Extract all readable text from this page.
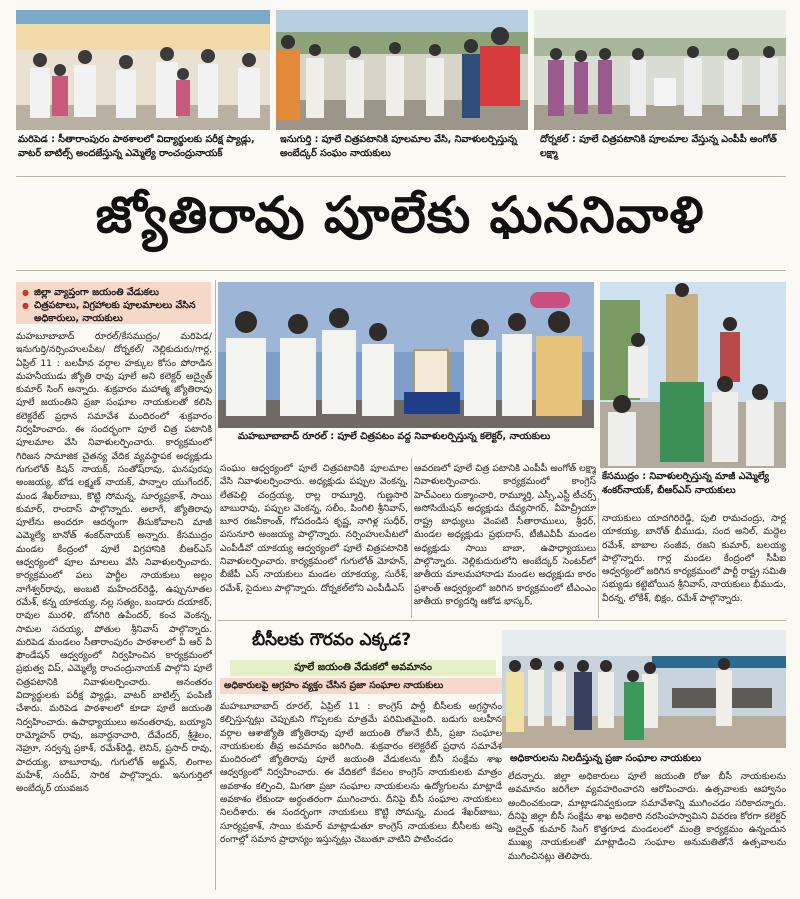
మరిపెడ : సీతారాంపురం పాఠశాలలో విద్యార్థులకు పరీక్ష ప్యాడ్లు, వాటర్ బాటిల్స్ అందజేస్తున్న ఎమ్మెల్యే రాంచంద్రునాయక్
ఇనుగుర్తి : పూలే చిత్రపటానికి పూలమాల వేసి, నివాళులర్పిస్తున్న అంబేద్కర్ సంఘం నాయకులు
దోర్నకల్ : పూలే చిత్రపటానికి పూలమాల వేస్తున్న ఎంపీపీ అంగోత్ లక్ష్మా
జ్యోతిరావు పూలేకు ఘననివాళి
● జిల్లా వ్యాప్తంగా జయంతి వేడుకలు
● చిత్రపటాలు, విగ్రహాలకు పూలమాలలు వేసిన అధికారులు, నాయకులు

మహబూబాబాద్ రూరల్/కేసముద్రం/ మరిపెడ/ ఇనుగుర్తి/నర్సింహులపేట/ దోర్నకల్/ నెల్లికుదురు/గార్ల, ఏప్రిల్ 11 : బలహీన వర్గాల హక్కుల కోసం పోరాడిన మహనీయుడు జ్యోతి రావు పూలే అని కలెక్టర్ అద్వైత్ కుమార్ సింగ్ అన్నారు. శుక్రవారం మహాత్మ జ్యోతిరావు పూలే జయంతిని ప్రజా సంఘాల నాయకులతో కలిసి కలెక్టరేట్ ప్రధాన సమావేశ మందిరంలో శుక్రవారం నిర్వహించారు. ఈ సందర్భంగా పూలే చిత్ర పటానికి పూలమాల వేసి నివాళులర్పించారు. కార్యక్రమంలో గిరిజన సామాజిక చైతన్య వేదిక వ్యవస్థాపక అధ్యక్షుడు గుగులోత్ కిషన్ నాయక్, సంతోష్‌రావు, ఘనపురపు అంజయ్య, బోడ లక్ష్మణ్ నాయక్, పాన్నాల యుగేందర్, మండ శేఖర్‌బాబు, కొట్టి సోమన్న, సూర్యప్రకాశ్, సాయి కుమార్, రాందాస్ పాల్గొన్నారు. అలాగే, జ్యోతిరావు పూలేను అందరూ ఆదర్శంగా తీసుకోవాలని మాజీ ఎమ్మెల్యే బానోత్ శంకర్‌నాయక్ అన్నారు. కేసముద్రం మండల కేంద్రంలో పూలే విగ్రహానికి బీఆర్ఎస్ ఆధ్వర్యంలో పూల మాలలు వేసి నివాళులర్పించారు. కార్యక్రమంలో పలు పార్టీల నాయకులు అల్లం నాగేశ్వర్‌రావు, అంబటి మహేందర్‌రెడ్డి, ఉప్పునూతల రమేశ్, కన్న యాకయ్య, నల్ల సత్యం, బండారు దయాకర్, రావుల మురళి, బోనగిరి ఉపేందర్, కంచ వెంకన్న, సామల సదయ్య, పోతుల శ్రీనివాస్ పాల్గొన్నారు. మరిపెడ మండలం సీతారాంపురం పాఠశాలలో వీ ఆర్ వీ ఫౌండేషన్ ఆధ్వర్యంలో నిర్వహించిన కార్యక్రమంలో ప్రభుత్వ విప్, ఎమ్మెల్యే రాంచంద్రునాయక్ పాల్గొని పూలే చిత్రపటానికి నివాళులర్పించారు. అనంతరం విద్యార్థులకు పరీక్ష ప్యాడ్లు, వాటర్ బాటిల్స్ పంపిణీ చేశారు. మరిపెడ పాఠశాలలో కూడా పూలే జయంతి నిర్వహించారు. ఉపాధ్యాయులు అనంతరావు, బయ్యాని రామ్మోహన్ రావు, జనార్దనాచారి, దేవేందర్, శ్రీశైలం, నెహ్రూ, సర్వన్న ప్రకాశ్, రమేశ్‌రెడ్డి, లెనిన్, ప్రసాద్ రావు, పాదయ్య, బాబూరావు, గుగులోత్ అర్జున్, లింగాల మహేశ్, సందీప్, సారిక పాల్గొన్నారు. ఇనుగుర్తిలో అంబేద్కర్ యువజన

మహబూబాబాద్ రూరల్ : పూలే చిత్రపటం వద్ద నివాళులర్పిస్తున్న కలెక్టర్, నాయకులు
కేసముద్రం : నివాళులర్పిస్తున్న మాజీ ఎమ్మెల్యే శంకర్‌నాయక్, బీఆర్ఎస్ నాయకులు

సంఘం ఆధ్వర్యంలో పూలే చిత్రపటానికి పూలమాల వేసి నివాళులర్పించారు. అధ్యక్షుడు పప్పుల వెంకన్న, లేతపెల్లి చంద్రయ్య, రాల్ల రామ్మూర్తి, గుణ్ణసారి బాబురావు, పప్పుల వెంకన్న, సలీం, పింగిలి శ్రీనివాస్, బూర రజనీకాంత్, గోపదండిస కృష్ణ, నాగిళ్ల సుధీర్, పసునూరి అంజయ్య పాల్గొన్నారు. నర్సింహులపేటలో ఎంపీడీవో యాకయ్య ఆధ్వర్యంలో పూలే చిత్రపటానికి నివాళులర్పించారు. కార్యక్రమంలో గుగులోత్ మోహన్, బీజేపీ ఎస్ నాయకులు మండల యాకయ్య, సురేశ్, రమేశ్, సైదులు పాల్గొన్నారు. దోర్నకల్‌లోని ఎంపీడీఎస్

ఆవరణలో పూలే చిత్ర పటానికి ఎంపీపీ అంగోత్ లక్ష్మా నివాళులర్పించారు. కార్యక్రమంలో కాంగ్రెస్ హెచ్ఎంలు రుక్మాంచారి, రామ్మూర్తి, ఎస్సీ,ఎస్టీ టీచర్స్ అసోసియేషన్ అధ్యక్షుడు దేవ్యసాగర్, వీహెచ్ర్రీయా రాష్ట్ర బాధ్యులు వెంపటి సీతారాములు, శ్రీధర్, మండల అధ్యక్షుడు ప్రభుదాస్, టీజీఎవీపీ మండల అధ్యక్షుడు సాయి బాబా, ఉపాధ్యాయులు పాల్గొన్నారు. నెల్లికుదురులోని అంబేద్కర్ సెంటర్‌లో జాతీయ మాలమహానాడు మండల అధ్యక్షుడు కారం ప్రశాంత్ ఆధ్వర్యంలో జరిగిన కార్యక్రమంలో టీఎంఎం జాతీయ కార్యదర్శి ఆకోడ భాస్కర్,

నాయకులు యాదగిరిరెడ్డి, పులి రామచంద్రు, సార్ల యాకయ్య, బానోత్ భీముడు, సంద అనిల్, మద్దెల రమేశ్, బాబాల సంజీవ, రజని కుమార్, బలయ్య పాల్గొన్నారు. గార్ల మండల కేంద్రంలో సీపీఐ ఆధ్వర్యంలో జరిగిన కార్యక్రమంలో పార్టీ రాష్ట్ర సమితి సభ్యుడు కట్టెబోయిన శ్రీనివాస్, నాయకులు భీముడు, వీరన్న, లోకేశ్, భిక్షం, రమేశ్ పాల్గొన్నారు.

బీసీలకు గౌరవం ఎక్కడ?
పూలే జయంతి వేడుకలో అవమానం
అధికారులపై ఆగ్రహం వ్యక్తం చేసిన ప్రజా సంఘాల నాయకులు
అధికారులను నిలదీస్తున్న ప్రజా సంఘాల నాయకులు

మహబూబాబాద్ రూరల్, ఏప్రిల్ 11 : కాంగ్రెస్ పార్టీ బీసీలకు అగ్రస్థానం కల్పిస్తున్నట్లు చెప్పుకుని గొప్పలకు మాత్రమే పరిమితమైంది. బడుగు బలహీన వర్గాల ఆశాజ్యోతి జ్యోతిరావు పూలే జయంతి రోజునే బీసీ, ప్రజా సంఘాల నాయకులకు తీవ్ర అవమానం జరిగింది. శుక్రవారం కలెక్టరేట్ ప్రధాన సమావేశ మందిరంలో జ్యోతిరావు పూలే జయంతి వేడుకలను బీసీ సంక్షేమ శాఖ ఆధ్వర్యంలో నిర్వహించారు. ఈ వేదికలో కేవలం కాంగ్రెస్ నాయకులకు మాత్రం అవకాశం కల్పించి, మిగతా ప్రజా సంఘాల నాయకులను ఉద్యోగులను మాట్లాడే అవకాశం లేకుండా అర్ధంతరంగా ముగించారు. దీనిపై బీసీ సంఘాల నాయకులు నిలదీశారు. ఈ సందర్భంగా నాయకులు కొట్టి సోమన్న, మండ శేఖర్‌బాబు, సూర్యప్రకాశ్, సాయి కుమార్ మాట్లాడుతూ కాంగ్రెస్ నాయకులు బీసీలకు అన్ని రంగాల్లో సమాన ప్రాధాన్యం ఇస్తున్నట్లు చెబుతూ వాటిని పాటించడం

లేదన్నారు. జిల్లా అధికారులు పూలే జయంతి రోజు బీసీ నాయకులను అవమానం జరిగేలా వ్యవహరించారని ఆరోపించారు. ఉత్సవాలకు ఆహ్వానం అందించకుండా, మాట్లాడనివ్వకుండా సమావేశాన్ని ముగించడం సరికాదన్నారు. దీనిపై జిల్లా బీసీ సంక్షేమ శాఖ అధికారి నరసింహస్వామిని వివరణ కోరగా కలెక్టర్ అద్వైత్ కుమార్ సింగ్ కొత్తగూడ మండలంలో మంత్రి కార్యక్రమం ఉన్నందున ముఖ్య నాయకులతో మాట్లాడించి సంఘాల అనుమతితోనే ఉత్సవాలను ముగించినట్లు తెలిపారు.
